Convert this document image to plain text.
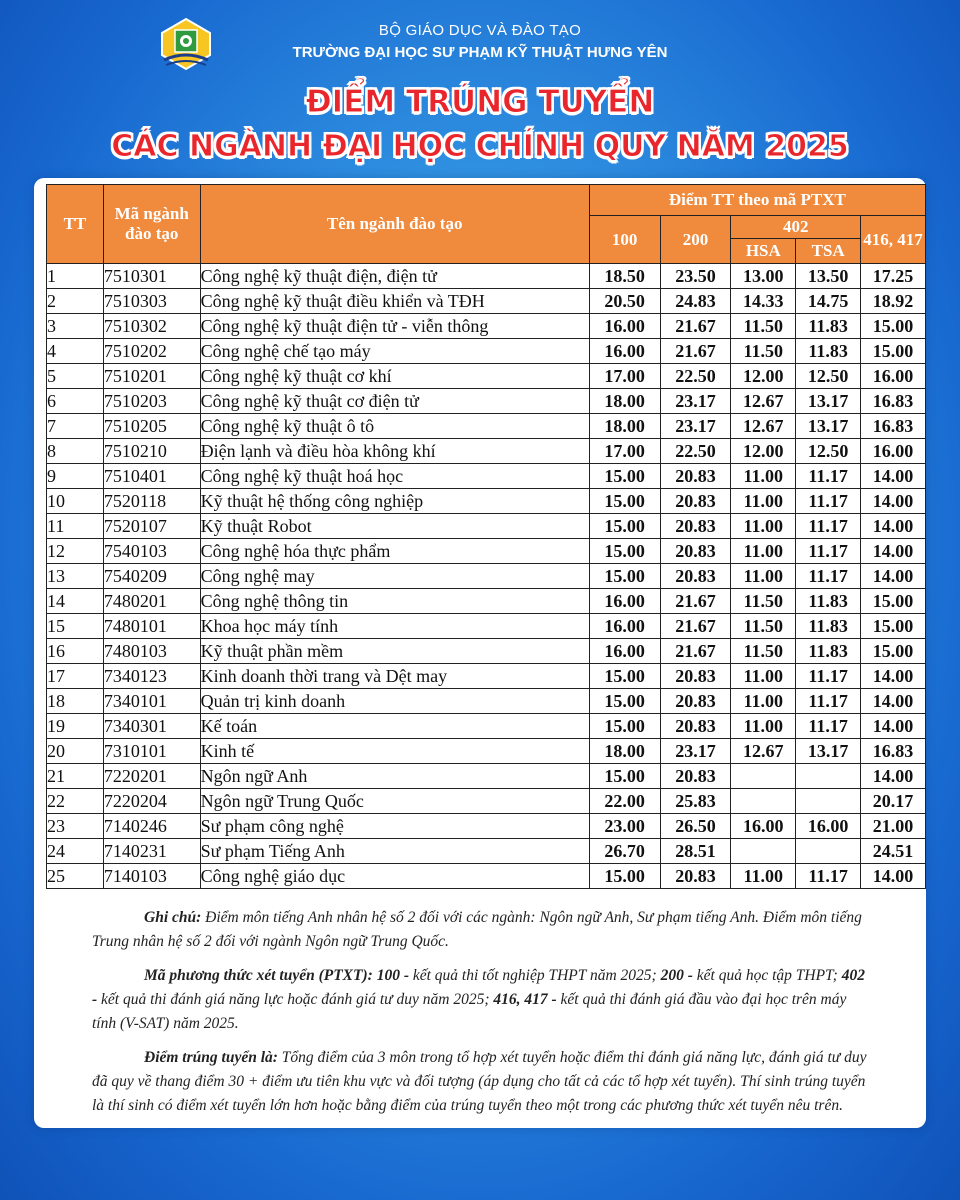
BỘ GIÁO DỤC VÀ ĐÀO TẠO
TRƯỜNG ĐẠI HỌC SƯ PHẠM KỸ THUẬT HƯNG YÊN
ĐIỂM TRÚNG TUYỂN
CÁC NGÀNH ĐẠI HỌC CHÍNH QUY NĂM 2025
TT	Mã ngành đào tạo	Tên ngành đào tạo	Điểm TT theo mã PTXT				
			100	200	402		416, 417
					HSA	TSA	
1	7510301	Công nghệ kỹ thuật điện, điện tử	18.50	23.50	13.00	13.50	17.25
2	7510303	Công nghệ kỹ thuật điều khiển và TĐH	20.50	24.83	14.33	14.75	18.92
3	7510302	Công nghệ kỹ thuật điện tử - viễn thông	16.00	21.67	11.50	11.83	15.00
4	7510202	Công nghệ chế tạo máy	16.00	21.67	11.50	11.83	15.00
5	7510201	Công nghệ kỹ thuật cơ khí	17.00	22.50	12.00	12.50	16.00
6	7510203	Công nghệ kỹ thuật cơ điện tử	18.00	23.17	12.67	13.17	16.83
7	7510205	Công nghệ kỹ thuật ô tô	18.00	23.17	12.67	13.17	16.83
8	7510210	Điện lạnh và điều hòa không khí	17.00	22.50	12.00	12.50	16.00
9	7510401	Công nghệ kỹ thuật hoá học	15.00	20.83	11.00	11.17	14.00
10	7520118	Kỹ thuật hệ thống công nghiệp	15.00	20.83	11.00	11.17	14.00
11	7520107	Kỹ thuật Robot	15.00	20.83	11.00	11.17	14.00
12	7540103	Công nghệ hóa thực phẩm	15.00	20.83	11.00	11.17	14.00
13	7540209	Công nghệ may	15.00	20.83	11.00	11.17	14.00
14	7480201	Công nghệ thông tin	16.00	21.67	11.50	11.83	15.00
15	7480101	Khoa học máy tính	16.00	21.67	11.50	11.83	15.00
16	7480103	Kỹ thuật phần mềm	16.00	21.67	11.50	11.83	15.00
17	7340123	Kinh doanh thời trang và Dệt may	15.00	20.83	11.00	11.17	14.00
18	7340101	Quản trị kinh doanh	15.00	20.83	11.00	11.17	14.00
19	7340301	Kế toán	15.00	20.83	11.00	11.17	14.00
20	7310101	Kinh tế	18.00	23.17	12.67	13.17	16.83
21	7220201	Ngôn ngữ Anh	15.00	20.83			14.00
22	7220204	Ngôn ngữ Trung Quốc	22.00	25.83			20.17
23	7140246	Sư phạm công nghệ	23.00	26.50	16.00	16.00	21.00
24	7140231	Sư phạm Tiếng Anh	26.70	28.51			24.51
25	7140103	Công nghệ giáo dục	15.00	20.83	11.00	11.17	14.00

Ghi chú: Điểm môn tiếng Anh nhân hệ số 2 đối với các ngành: Ngôn ngữ Anh, Sư phạm tiếng Anh. Điểm môn tiếng Trung nhân hệ số 2 đối với ngành Ngôn ngữ Trung Quốc.

Mã phương thức xét tuyển (PTXT): 100 - kết quả thi tốt nghiệp THPT năm 2025; 200 - kết quả học tập THPT; 402 - kết quả thi đánh giá năng lực hoặc đánh giá tư duy năm 2025; 416, 417 - kết quả thi đánh giá đầu vào đại học trên máy tính (V-SAT) năm 2025.

Điểm trúng tuyển là: Tổng điểm của 3 môn trong tổ hợp xét tuyển hoặc điểm thi đánh giá năng lực, đánh giá tư duy đã quy về thang điểm 30 + điểm ưu tiên khu vực và đối tượng (áp dụng cho tất cả các tổ hợp xét tuyển). Thí sinh trúng tuyển là thí sinh có điểm xét tuyển lớn hơn hoặc bằng điểm của trúng tuyển theo một trong các phương thức xét tuyển nêu trên.
